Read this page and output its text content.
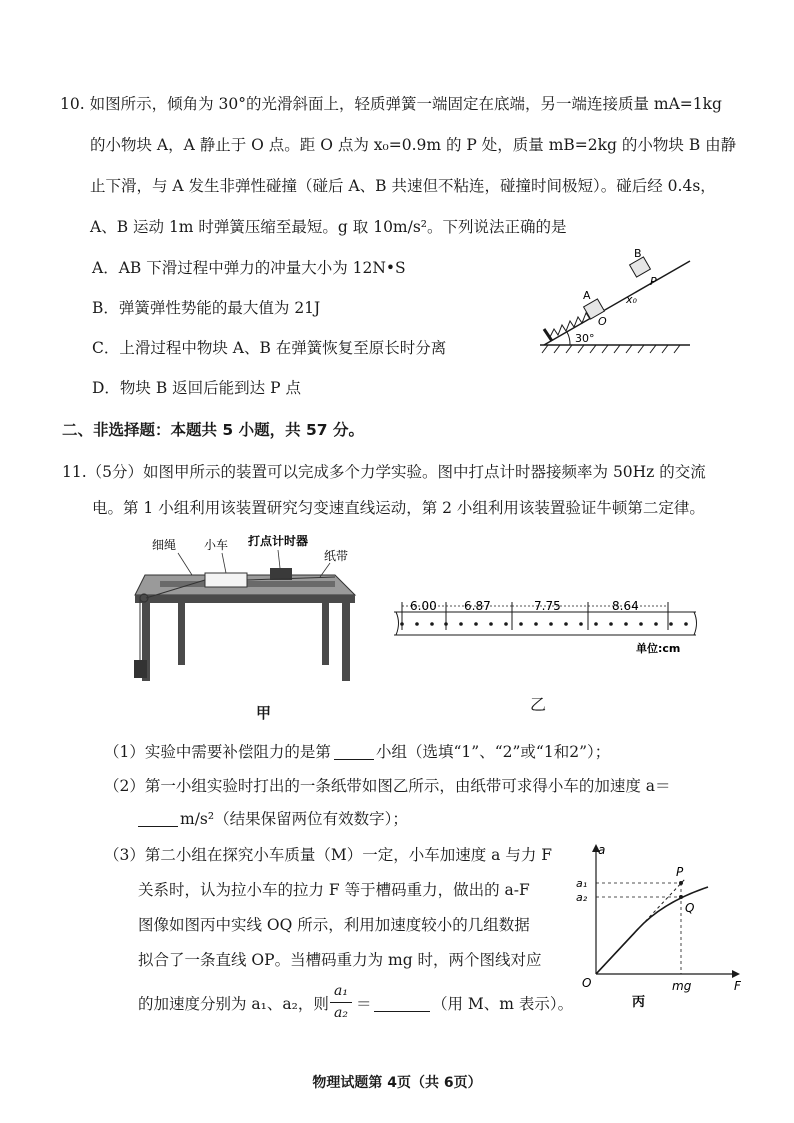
10. 如图所示，倾角为 30°的光滑斜面上，轻质弹簧一端固定在底端，另一端连接质量 mA=1kg
的小物块 A，A 静止于 O 点。距 O 点为 x₀=0.9m 的 P 处，质量 mB=2kg 的小物块 B 由静
止下滑，与 A 发生非弹性碰撞（碰后 A、B 共速但不粘连，碰撞时间极短）。碰后经 0.4s，
A、B 运动 1m 时弹簧压缩至最短。g 取 10m/s²。下列说法正确的是
A．AB 下滑过程中弹力的冲量大小为 12N•S
B．弹簧弹性势能的最大值为 21J
C．上滑过程中物块 A、B 在弹簧恢复至原长时分离
D．物块 B 返回后能到达 P 点
30°
A
O
B
P
x₀
二、非选择题：本题共 5 小题，共 57 分。
11.（5分）如图甲所示的装置可以完成多个力学实验。图中打点计时器接频率为 50Hz 的交流
电。第 1 小组利用该装置研究匀变速直线运动，第 2 小组利用该装置验证牛顿第二定律。
细绳 小车 打点计时器
纸带
甲
6.00 6.87	7.75	8.64
单位:cm
乙
（1）实验中需要补偿阻力的是第	小组（选填“1”、“2”或“1和2”）；
（2）第一小组实验时打出的一条纸带如图乙所示，由纸带可求得小车的加速度 a＝
m/s²（结果保留两位有效数字）；
（3）第二小组在探究小车质量（M）一定，小车加速度 a 与力 F
关系时，认为拉小车的拉力 F 等于槽码重力，做出的 a-F
图像如图丙中实线 OQ 所示，利用加速度较小的几组数据
拟合了一条直线 OP。当槽码重力为 mg 时，两个图线对应
的加速度分别为 a₁、a₂，则
a₁
a₂ ＝	（用 M、m 表示）。
a
F
a₁
a₂
P
Q
O	mg
丙
物理试题第 4页（共 6页）
